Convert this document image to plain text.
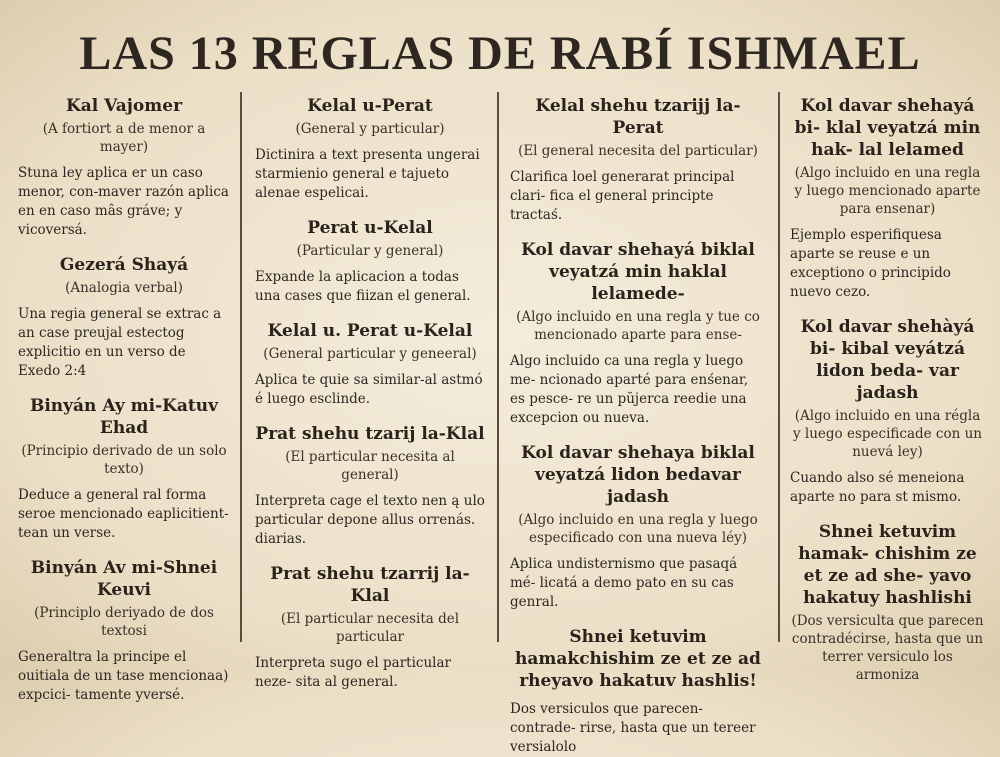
LAS 13 REGLAS DE RABÍ ISHMAEL
Kal Vajomer
(A fortiort a de menor a mayer)
Stuna ley aplica er un caso menor, con-maver razón aplica en en caso mâs gráve; y vicoversá.
Gezerá Shayá
(Analogia verbal)
Una regia general se extrac a an case preujal estectog explicitio en un verso de Exedo 2:4
Binyán Ay mi-Katuv Ehad
(Principio derivado de un solo texto)
Deduce a general ral forma seroe mencionado eaplicitient- tean un verse.
Binyán Av mi-Shnei Keuvi
(Principlo deriyado de dos textosi
Generaltra la principe el ouitiala de un tase mencionaa) expcici- tamente yversé.
Kelal u-Perat
(General y particular)
Dictinira a text presenta ungerai starmienio general e tajueto alenae espelicai.
Perat u-Kelal
(Particular y general)
Expande la aplicacion a todas una cases que fiizan el general.
Kelal u. Perat u-Kelal
(General particular y geneeral)
Aplica te quie sa similar-al astmó é luego esclinde.
Prat shehu tzarij la-Klal
(El particular necesita al general)
Interpreta cage el texto nen ą ulo particular depone allus orrenás. diarias.
Prat shehu tzarrij la-Klal
(El particular necesita del particular
Interpreta sugo el particular neze- sita al general.
Kelal shehu tzarijj la-Perat
(El general necesita del particular)
Clarifica loel generarat principal clari- fica el general principte tractaś.
Kol davar shehayá biklal veyatzá min haklal lelamede-
(Algo incluido en una regla y tue co mencionado aparte para ense-
Algo incluido ca una regla y luego me- ncionado aparté para enśenar, es pesce- re un pŭjerca reedie una excepcion ou nueva.
Kol davar shehaya biklal veyatzá lidon bedavar jadash
(Algo incluido en una regla y luego especificado con una nueva léy)
Aplica undisternismo que pasaqá mé- licatá a demo pato en su cas genral.
Shnei ketuvim hamakchishim ze et ze ad rheyavo hakatuv hashlis!
Dos versiculos que parecen-contrade- rirse, hasta que un tereer versialolo
Kol davar shehayá bi- klal veyatzá min hak- lal lelamed
(Algo incluido en una regla y luego mencionado aparte para ensenar)
Ejemplo esperifiquesa aparte se reuse e un exceptiono o principido nuevo cezo.
Kol davar shehàyá bi- kibal veyátzá lidon beda- var jadash
(Algo incluido en una régla y luego especificade con un nuevá ley)
Cuando also sé meneiona aparte no para st mismo.
Shnei ketuvim hamak- chishim ze et ze ad she- yavo hakatuy hashlishi
(Dos versiculta que parecen contradécirse, hasta que un terrer versiculo los armoniza
